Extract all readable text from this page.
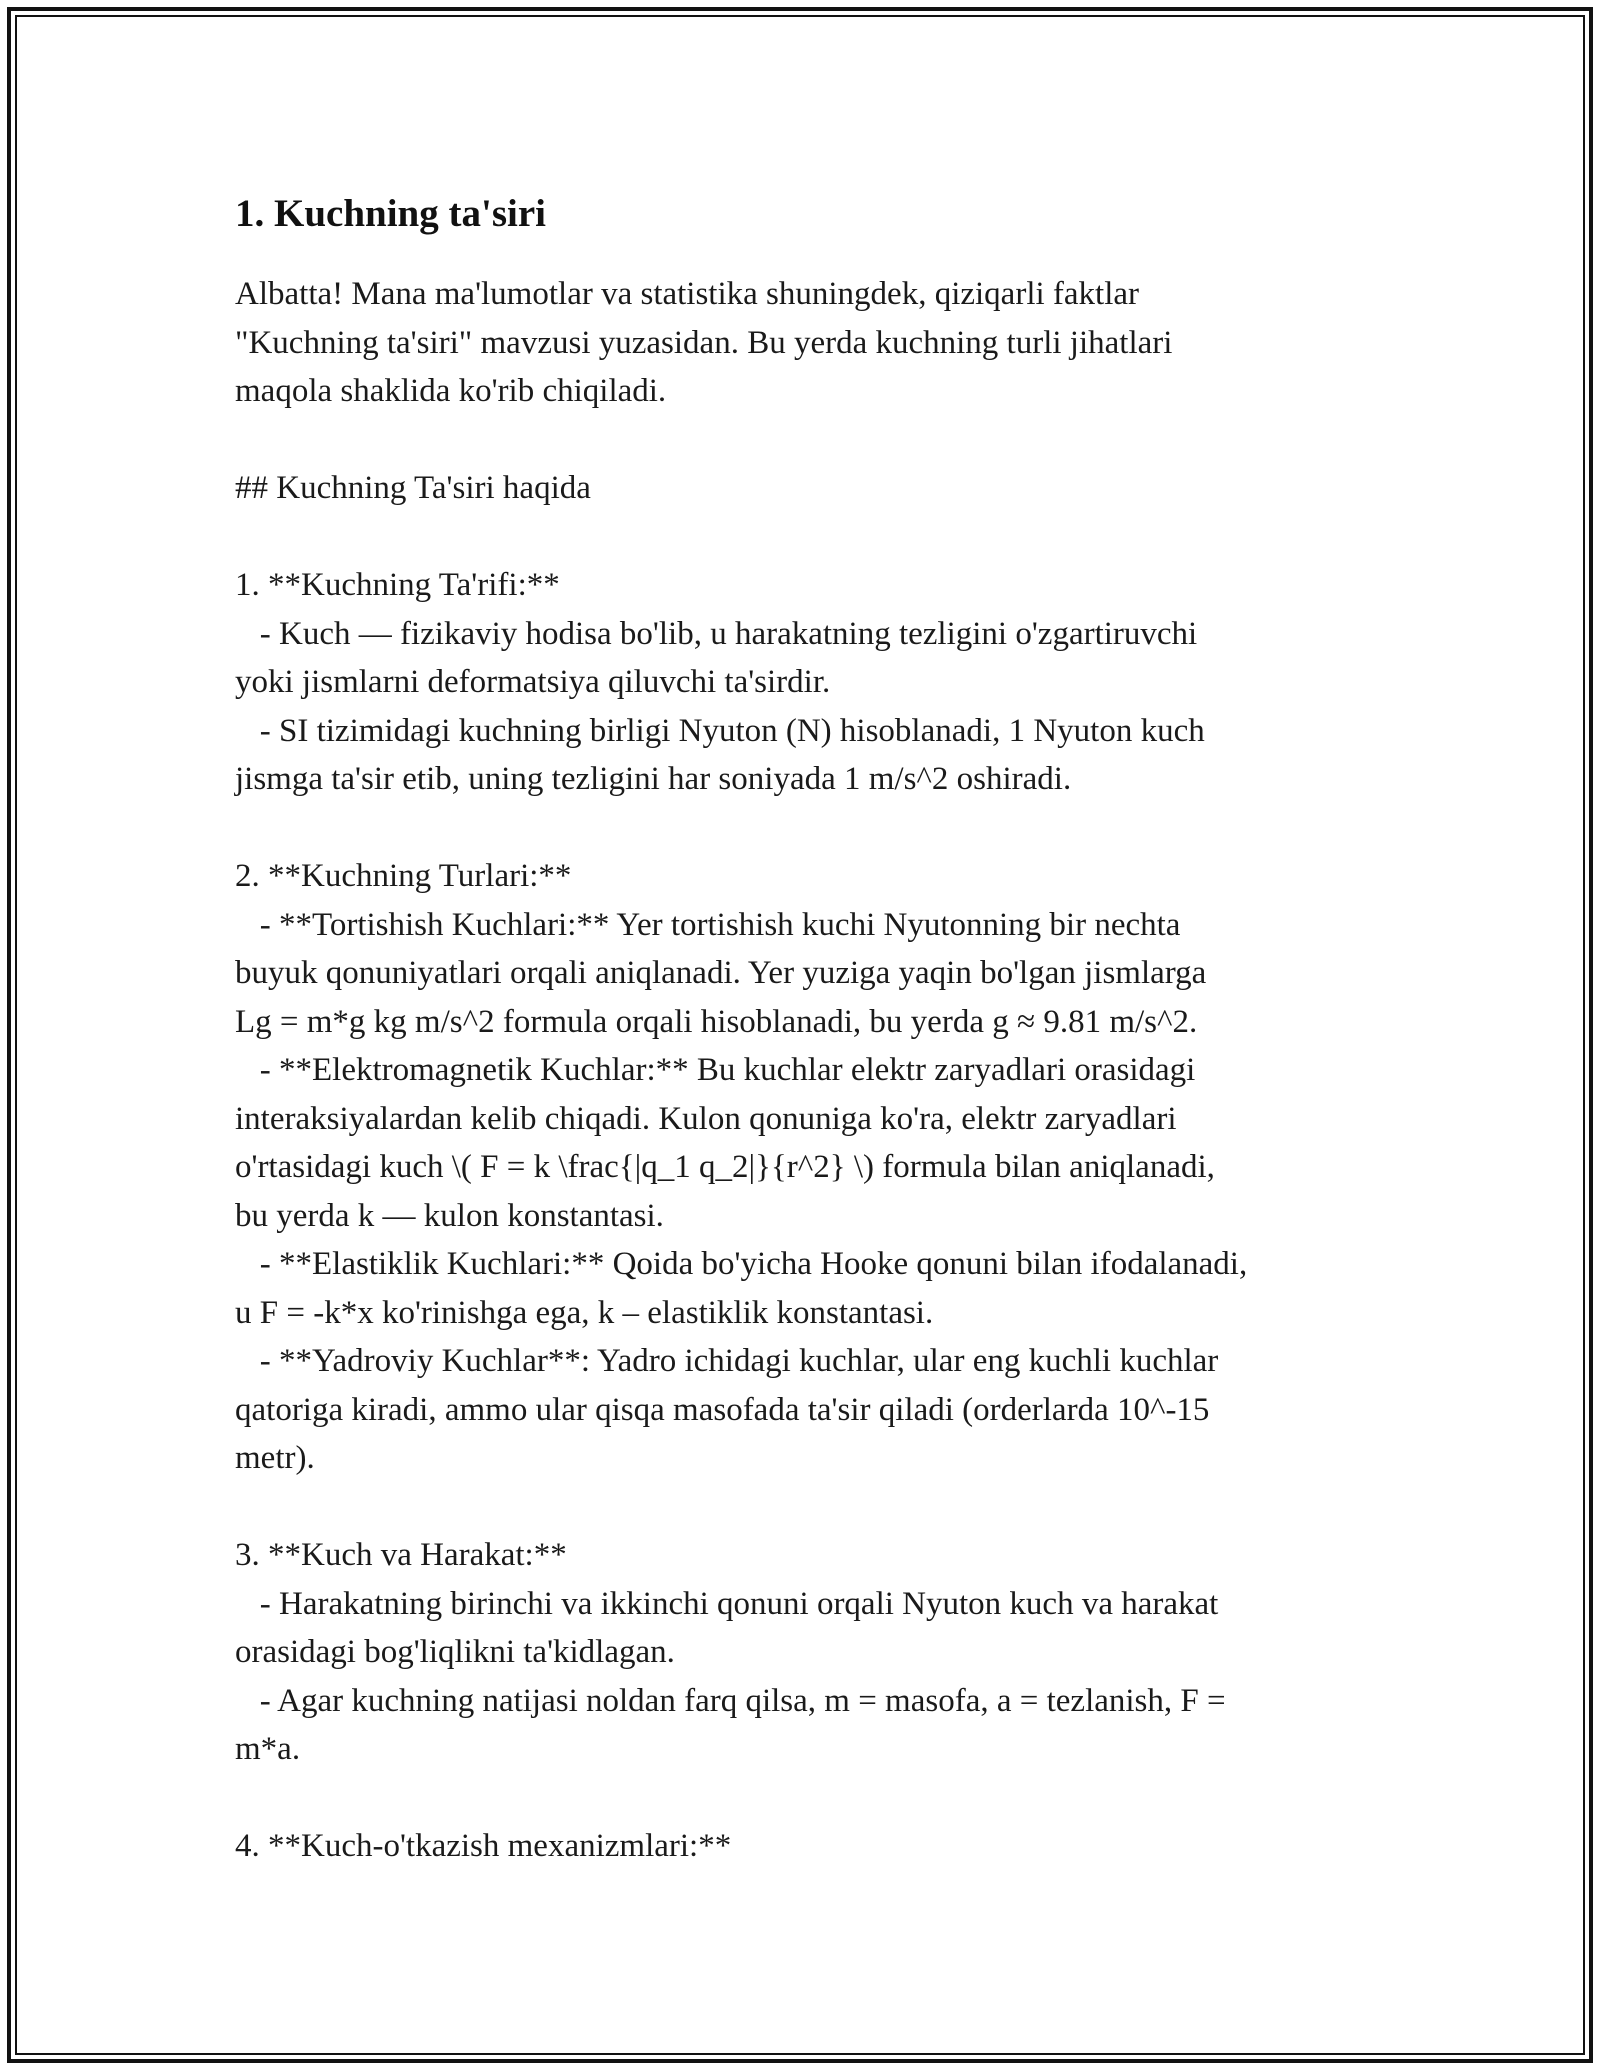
1. Kuchning ta'siri

Albatta! Mana ma'lumotlar va statistika shuningdek, qiziqarli faktlar
"Kuchning ta'siri" mavzusi yuzasidan. Bu yerda kuchning turli jihatlari
maqola shaklida ko'rib chiqiladi.

## Kuchning Ta'siri haqida

1. **Kuchning Ta'rifi:**
- Kuch — fizikaviy hodisa bo'lib, u harakatning tezligini o'zgartiruvchi
yoki jismlarni deformatsiya qiluvchi ta'sirdir.
- SI tizimidagi kuchning birligi Nyuton (N) hisoblanadi, 1 Nyuton kuch
jismga ta'sir etib, uning tezligini har soniyada 1 m/s^2 oshiradi.

2. **Kuchning Turlari:**
- **Tortishish Kuchlari:** Yer tortishish kuchi Nyutonning bir nechta
buyuk qonuniyatlari orqali aniqlanadi. Yer yuziga yaqin bo'lgan jismlarga
Lg = m*g kg m/s^2 formula orqali hisoblanadi, bu yerda g ≈ 9.81 m/s^2.
- **Elektromagnetik Kuchlar:** Bu kuchlar elektr zaryadlari orasidagi
interaksiyalardan kelib chiqadi. Kulon qonuniga ko'ra, elektr zaryadlari
o'rtasidagi kuch \( F = k \frac{|q_1 q_2|}{r^2} \) formula bilan aniqlanadi,
bu yerda k — kulon konstantasi.
- **Elastiklik Kuchlari:** Qoida bo'yicha Hooke qonuni bilan ifodalanadi,
u F = -k*x ko'rinishga ega, k – elastiklik konstantasi.
- **Yadroviy Kuchlar**: Yadro ichidagi kuchlar, ular eng kuchli kuchlar
qatoriga kiradi, ammo ular qisqa masofada ta'sir qiladi (orderlarda 10^-15
metr).

3. **Kuch va Harakat:**
- Harakatning birinchi va ikkinchi qonuni orqali Nyuton kuch va harakat
orasidagi bog'liqlikni ta'kidlagan.
- Agar kuchning natijasi noldan farq qilsa, m = masofa, a = tezlanish, F =
m*a.

4. **Kuch-o'tkazish mexanizmlari:**
